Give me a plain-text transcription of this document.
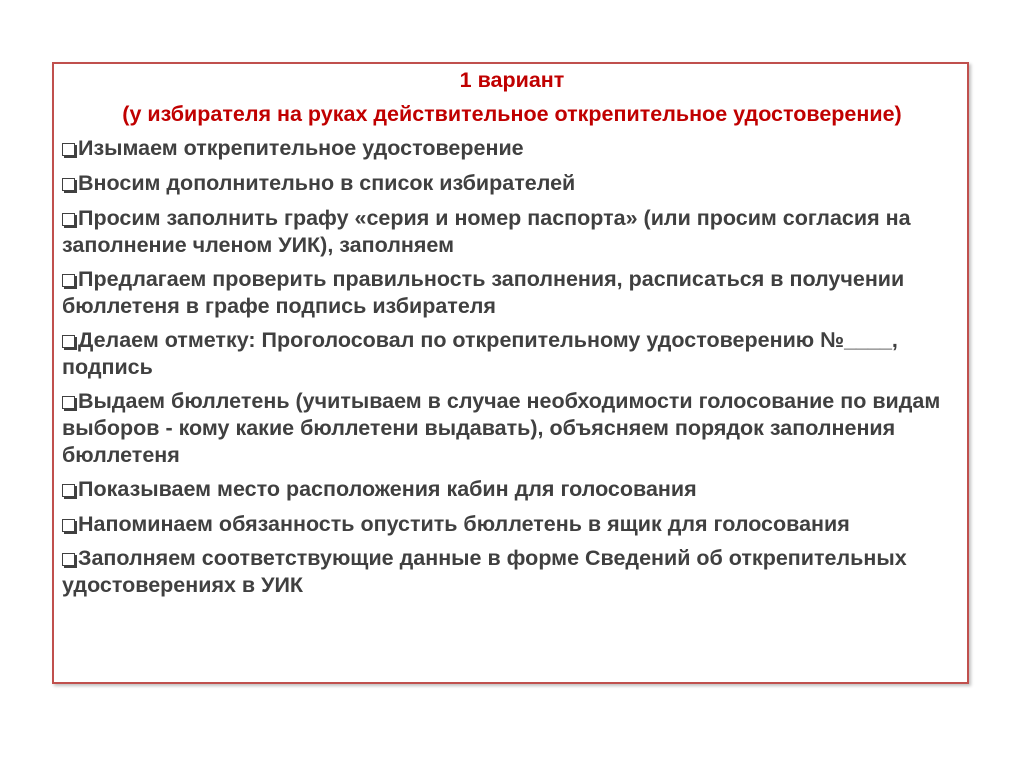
1 вариант

(у избирателя на руках действительное открепительное удостоверение)

Изымаем открепительное удостоверение
Вносим дополнительно в список избирателей
Просим заполнить графу «серия и номер паспорта» (или просим согласия на заполнение членом УИК), заполняем
Предлагаем проверить правильность заполнения, расписаться в получении бюллетеня в графе подпись избирателя
Делаем отметку: Проголосовал по открепительному удостоверению №____, подпись
Выдаем бюллетень (учитываем в случае необходимости голосование по видам выборов - кому какие бюллетени выдавать), объясняем порядок заполнения бюллетеня
Показываем место расположения кабин для голосования
Напоминаем обязанность опустить бюллетень в ящик для голосования
Заполняем соответствующие данные в форме Сведений об открепительных удостоверениях в УИК
